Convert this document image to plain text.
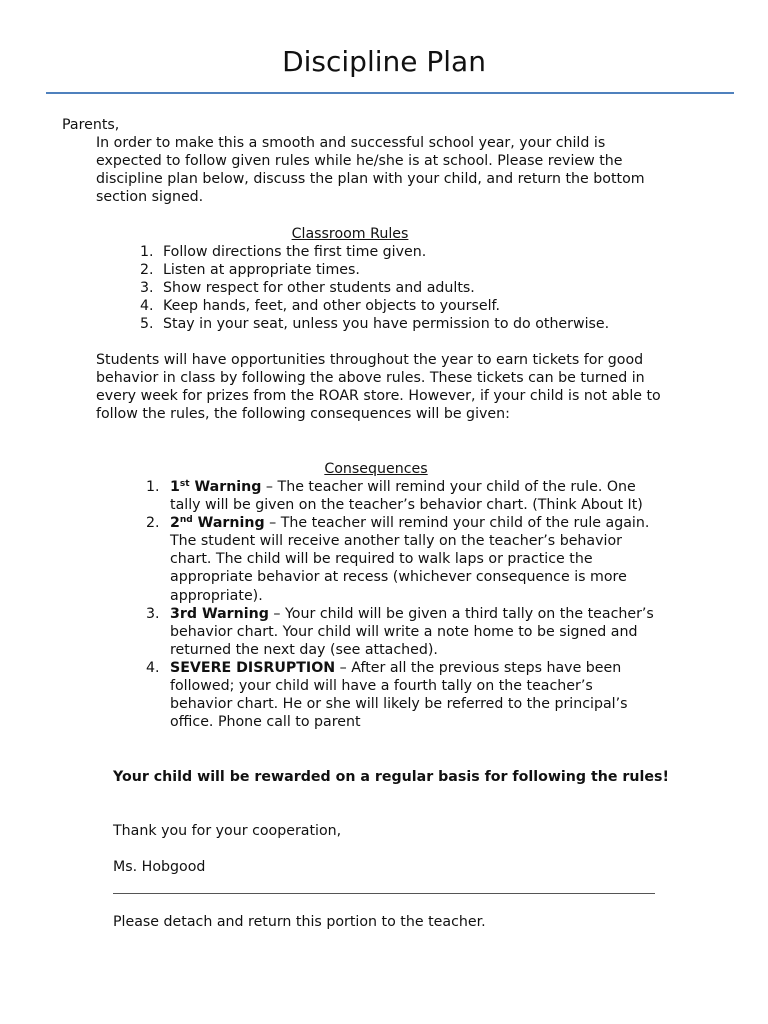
Discipline Plan

Parents,

In order to make this a smooth and successful school year, your child is expected to follow given rules while he/she is at school. Please review the discipline plan below, discuss the plan with your child, and return the bottom section signed.

Classroom Rules

1. Follow directions the first time given.
2. Listen at appropriate times.
3. Show respect for other students and adults.
4. Keep hands, feet, and other objects to yourself.
5. Stay in your seat, unless you have permission to do otherwise.

Students will have opportunities throughout the year to earn tickets for good behavior in class by following the above rules. These tickets can be turned in every week for prizes from the ROAR store. However, if your child is not able to follow the rules, the following consequences will be given:

Consequences

1. 1st Warning – The teacher will remind your child of the rule. One tally will be given on the teacher’s behavior chart. (Think About It)
2. 2nd Warning – The teacher will remind your child of the rule again. The student will receive another tally on the teacher’s behavior chart. The child will be required to walk laps or practice the appropriate behavior at recess (whichever consequence is more appropriate).
3. 3rd Warning – Your child will be given a third tally on the teacher’s behavior chart. Your child will write a note home to be signed and returned the next day (see attached).
4. SEVERE DISRUPTION – After all the previous steps have been followed; your child will have a fourth tally on the teacher’s behavior chart. He or she will likely be referred to the principal’s office. Phone call to parent

Your child will be rewarded on a regular basis for following the rules!

Thank you for your cooperation,

Ms. Hobgood

Please detach and return this portion to the teacher.
